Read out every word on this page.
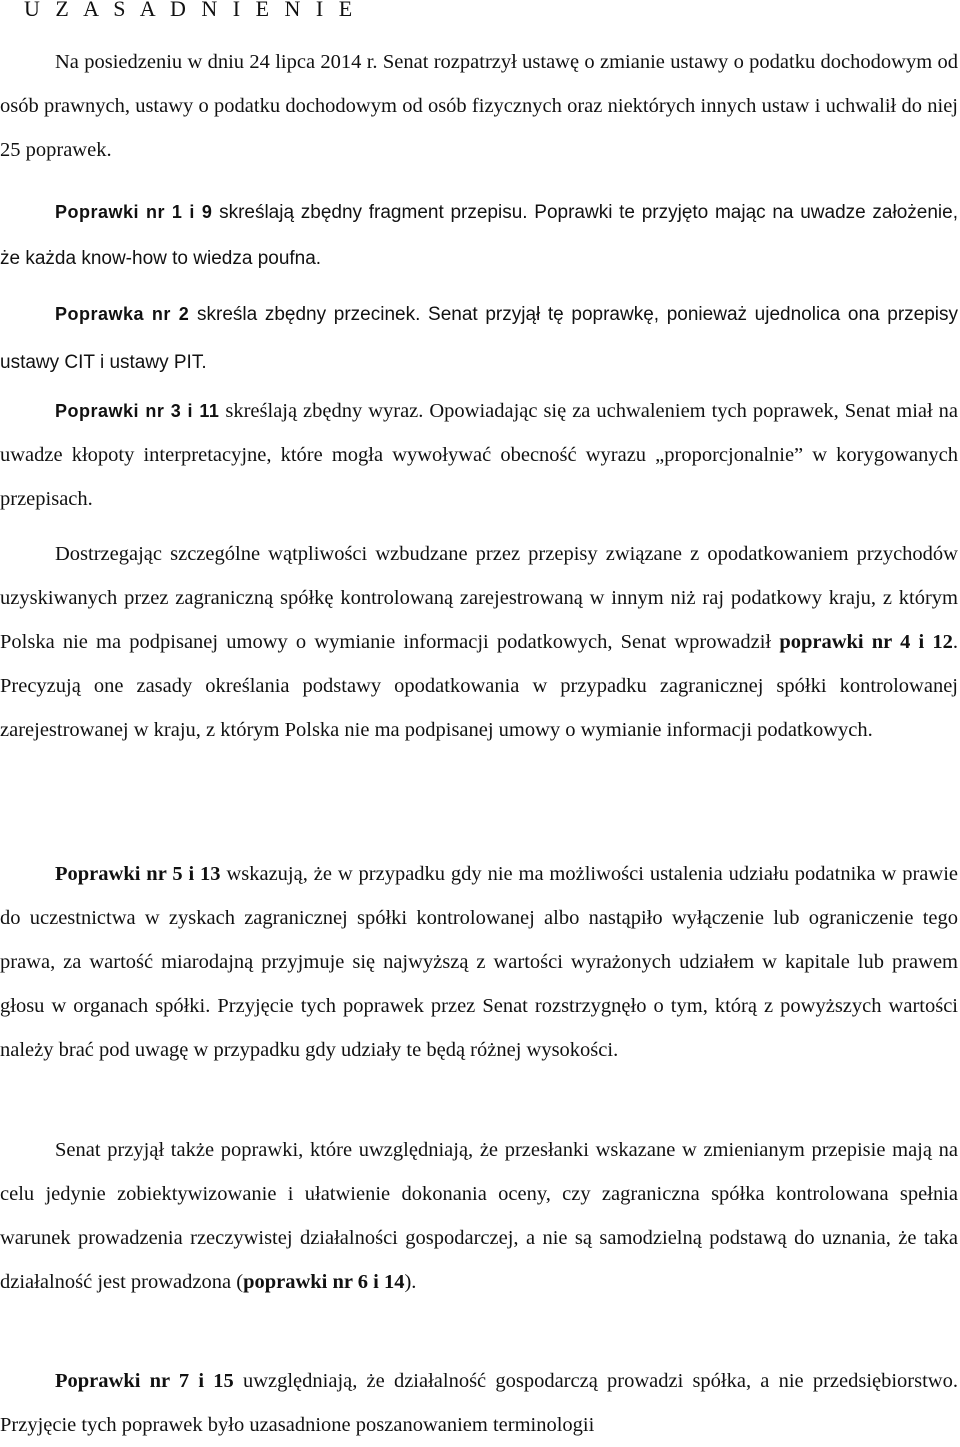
U Z A S A D N I E N I E

Na posiedzeniu w dniu 24 lipca 2014 r. Senat rozpatrzył ustawę o zmianie ustawy o podatku dochodowym od osób prawnych, ustawy o podatku dochodowym od osób fizycznych oraz niektórych innych ustaw i uchwalił do niej 25 poprawek.

Poprawki nr 1 i 9 skreślają zbędny fragment przepisu. Poprawki te przyjęto mając na uwadze założenie, że każda know-how to wiedza poufna.

Poprawka nr 2 skreśla zbędny przecinek. Senat przyjął tę poprawkę, ponieważ ujednolica ona przepisy ustawy CIT i ustawy PIT.

Poprawki nr 3 i 11 skreślają zbędny wyraz. Opowiadając się za uchwaleniem tych poprawek, Senat miał na uwadze kłopoty interpretacyjne, które mogła wywoływać obecność wyrazu „proporcjonalnie” w korygowanych przepisach.

Dostrzegając szczególne wątpliwości wzbudzane przez przepisy związane z opodatkowaniem przychodów uzyskiwanych przez zagraniczną spółkę kontrolowaną zarejestrowaną w innym niż raj podatkowy kraju, z którym Polska nie ma podpisanej umowy o wymianie informacji podatkowych, Senat wprowadził poprawki nr 4 i 12. Precyzują one zasady określania podstawy opodatkowania w przypadku zagranicznej spółki kontrolowanej zarejestrowanej w kraju, z którym Polska nie ma podpisanej umowy o wymianie informacji podatkowych.

Poprawki nr 5 i 13 wskazują, że w przypadku gdy nie ma możliwości ustalenia udziału podatnika w prawie do uczestnictwa w zyskach zagranicznej spółki kontrolowanej albo nastąpiło wyłączenie lub ograniczenie tego prawa, za wartość miarodajną przyjmuje się najwyższą z wartości wyrażonych udziałem w kapitale lub prawem głosu w organach spółki. Przyjęcie tych poprawek przez Senat rozstrzygnęło o tym, którą z powyższych wartości należy brać pod uwagę w przypadku gdy udziały te będą różnej wysokości.

Senat przyjął także poprawki, które uwzględniają, że przesłanki wskazane w zmienianym przepisie mają na celu jedynie zobiektywizowanie i ułatwienie dokonania oceny, czy zagraniczna spółka kontrolowana spełnia warunek prowadzenia rzeczywistej działalności gospodarczej, a nie są samodzielną podstawą do uznania, że taka działalność jest prowadzona (poprawki nr 6 i 14).

Poprawki nr 7 i 15 uwzględniają, że działalność gospodarczą prowadzi spółka, a nie przedsiębiorstwo. Przyjęcie tych poprawek było uzasadnione poszanowaniem terminologii
